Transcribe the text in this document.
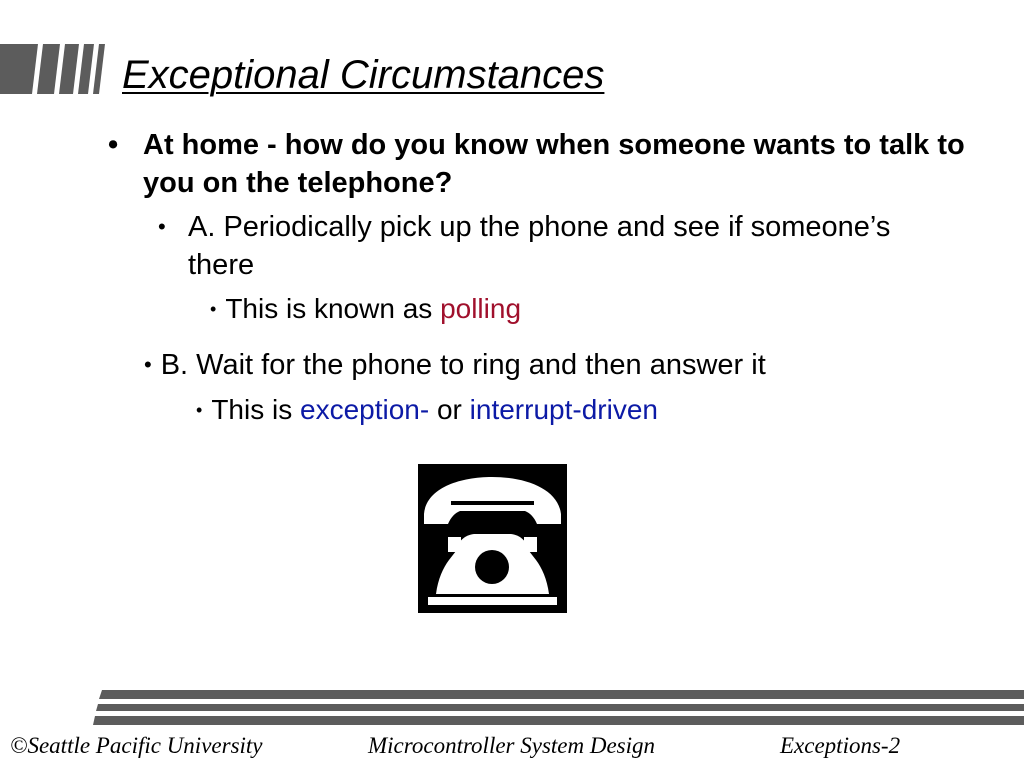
Exceptional Circumstances
• At home - how do you know when someone wants to talk to you on the telephone?
• A. Periodically pick up the phone and see if someone’s there
• This is known as polling
• B. Wait for the phone to ring and then answer it
• This is exception- or interrupt-driven
©Seattle Pacific University	Microcontroller System Design	Exceptions-2
